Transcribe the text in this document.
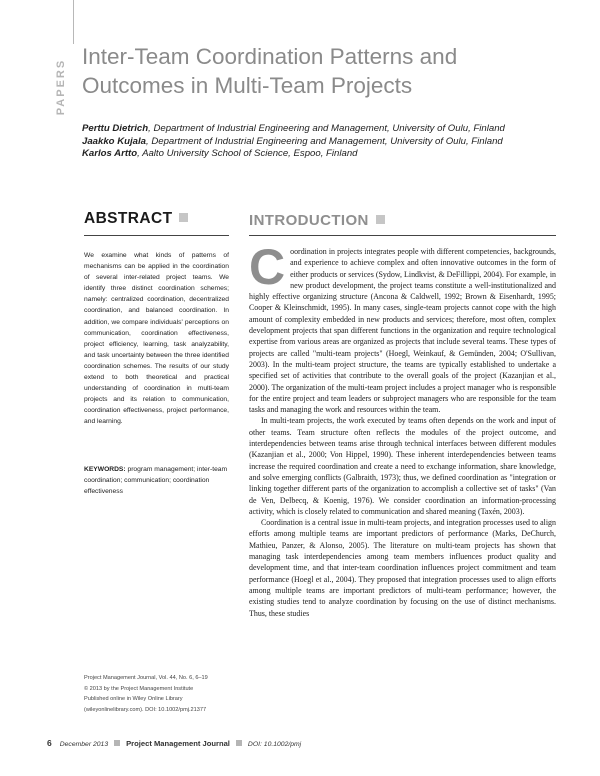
PAPERS
Inter-Team Coordination Patterns and
Outcomes in Multi-Team Projects

Perttu Dietrich, Department of Industrial Engineering and Management, University of Oulu, Finland

Jaakko Kujala, Department of Industrial Engineering and Management, University of Oulu, Finland

Karlos Artto, Aalto University School of Science, Espoo, Finland

ABSTRACT	INTRODUCTION

We examine what kinds of patterns of mechanisms can be applied in the coordination of several inter-related project teams. We identify three distinct coordination schemes; namely: centralized coordination, decentralized coordination, and balanced coordination. In addition, we compare individuals' perceptions on communication, coordination effectiveness, project efficiency, learning, task analyzability, and task uncertainty between the three identified coordination schemes. The results of our study extend to both theoretical and practical understanding of coordination in multi-team projects and its relation to communication, coordination effectiveness, project performance, and learning.

KEYWORDS: program management; inter-team coordination; communication; coordination effectiveness
Project Management Journal, Vol. 44, No. 6, 6–19
© 2013 by the Project Management Institute
Published online in Wiley Online Library
(wileyonlinelibrary.com). DOI: 10.1002/pmj.21377

Coordination in projects integrates people with different competencies, backgrounds, and experience to achieve complex and often innovative outcomes in the form of either products or services (Sydow, Lindkvist, & DeFillippi, 2004). For example, in new product development, the project teams constitute a well-institutionalized and highly effective organizing structure (Ancona & Caldwell, 1992; Brown & Eisenhardt, 1995; Cooper & Kleinschmidt, 1995). In many cases, single-team projects cannot cope with the high amount of complexity embedded in new products and services; therefore, most often, complex development projects that span different functions in the organization and require technological expertise from various areas are organized as projects that include several teams. These types of projects are called "multi-team projects" (Hoegl, Weinkauf, & Gemünden, 2004; O'Sullivan, 2003). In the multi-team project structure, the teams are typically established to undertake a specified set of activities that contribute to the overall goals of the project (Kazanjian et al., 2000). The organization of the multi-team project includes a project manager who is responsible for the entire project and team leaders or subproject managers who are responsible for the team tasks and managing the work and resources within the team.

In multi-team projects, the work executed by teams often depends on the work and input of other teams. Team structure often reflects the modules of the project outcome, and interdependencies between teams arise through technical interfaces between different modules (Kazanjian et al., 2000; Von Hippel, 1990). These inherent interdependencies between teams increase the required coordination and create a need to exchange information, share knowledge, and solve emerging conflicts (Galbraith, 1973); thus, we defined coordination as "integration or linking together different parts of the organization to accomplish a collective set of tasks" (Van de Ven, Delbecq, & Koenig, 1976). We consider coordination an information-processing activity, which is closely related to communication and shared meaning (Taxén, 2003).

Coordination is a central issue in multi-team projects, and integration processes used to align efforts among multiple teams are important predictors of performance (Marks, DeChurch, Mathieu, Panzer, & Alonso, 2005). The literature on multi-team projects has shown that managing task interdependencies among team members influences product quality and development time, and that inter-team coordination influences project commitment and team performance (Hoegl et al., 2004). They proposed that integration processes used to align efforts among multiple teams are important predictors of multi-team performance; however, the existing studies tend to analyze coordination by focusing on the use of distinct mechanisms. Thus, these studies

6 December 2013 Project Management Journal	DOI: 10.1002/pmj
